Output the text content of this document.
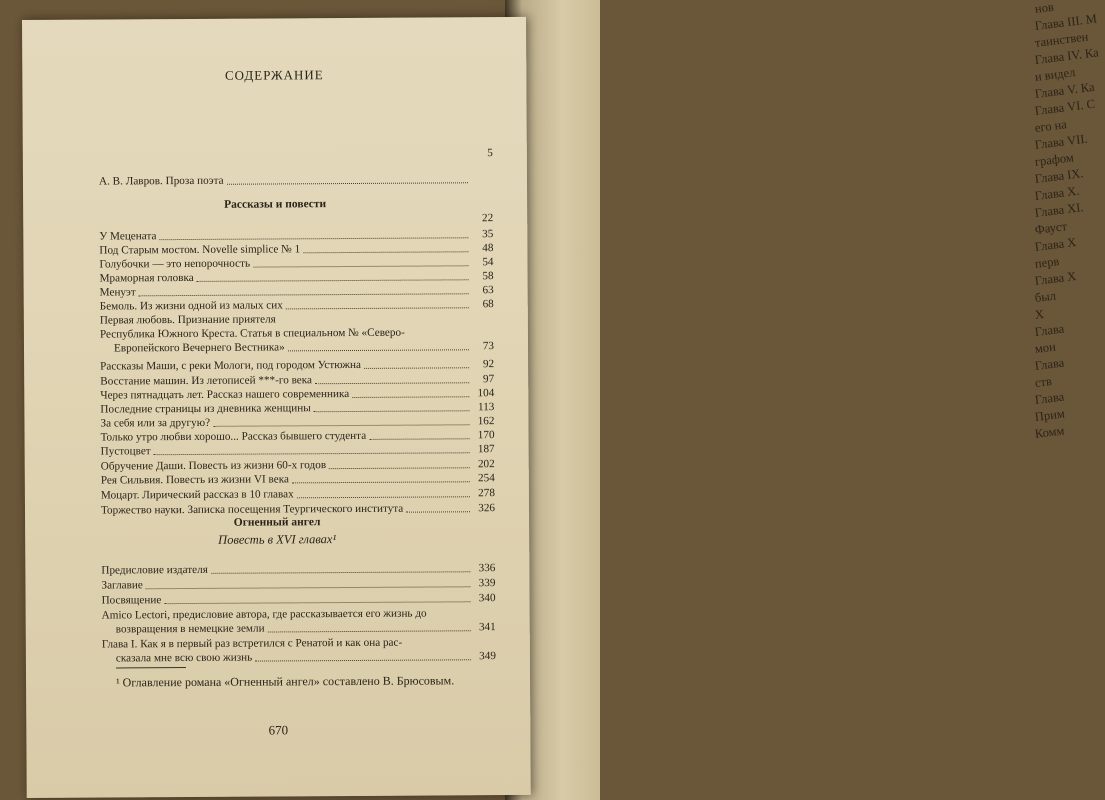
нов
Глава III. М
таинствен
Глава IV. Ка
и видел
Глава V. Ка
Глава VI. С
его на
Глава VII.
графом
Глава IX.
Глава X.
Глава XI.
Фауст
Глава X
перв
Глава X
был
X
Глава
мон
Глава
ств
Глава
Прим
Комм
СОДЕРЖАНИЕ
5
А. В. Лавров. Проза поэта
Рассказы и повести
22
У Мецената	35
Под Старым мостом. Novelle simplice № 1	48
Голубочки — это непорочность	54
Мраморная головка	58
Менуэт	63
Бемоль. Из жизни одной из малых сих	68
Первая любовь. Признание приятеля
Республика Южного Креста. Статья в специальном № «Северо-
Европейского Вечернего Вестника»	73
Рассказы Маши, с реки Мологи, под городом Устюжна	92
Восстание машин. Из летописей ***-го века	97
Через пятнадцать лет. Рассказ нашего современника	104
Последние страницы из дневника женщины	113
За себя или за другую?	162
Только утро любви хорошо... Рассказ бывшего студента	170
Пустоцвет	187
Обручение Даши. Повесть из жизни 60-х годов	202
Рея Сильвия. Повесть из жизни VI века	254
Моцарт. Лирический рассказ в 10 главах	278
Торжество науки. Записка посещения Теургического института	326
Огненный ангел
Повесть в XVI главах¹
Предисловие издателя	336
Заглавие	339
Посвящение	340
Amico Lectori, предисловие автора, где рассказывается его жизнь до
возвращения в немецкие земли	341
Глава I. Как я в первый раз встретился с Ренатой и как она рас-
сказала мне всю свою жизнь	349
¹ Оглавление романа «Огненный ангел» составлено В. Брюсовым.
670
